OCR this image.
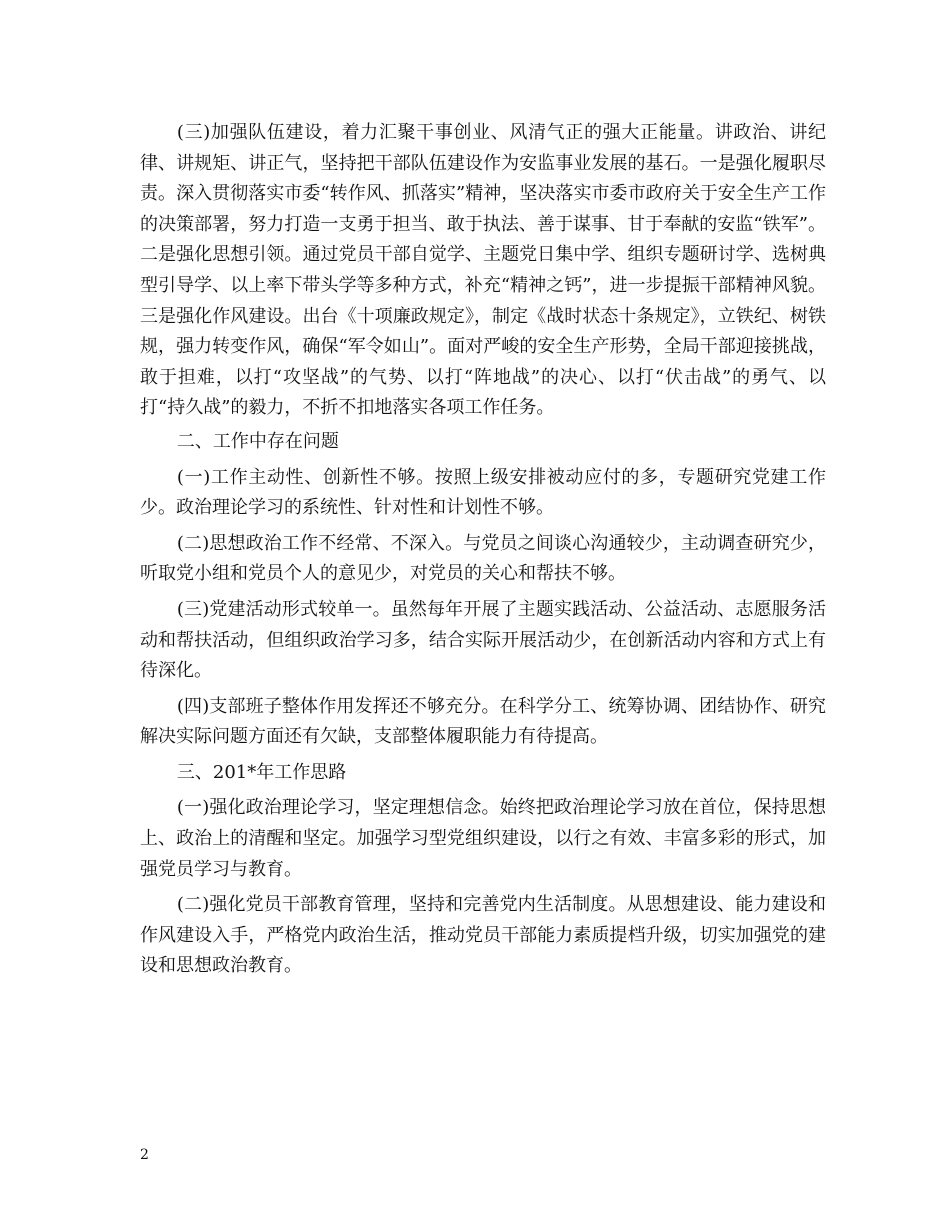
(三)加强队伍建设，着力汇聚干事创业、风清气正的强大正能量。讲政治、讲纪律、讲规矩、讲正气，坚持把干部队伍建设作为安监事业发展的基石。一是强化履职尽责。深入贯彻落实市委“转作风、抓落实”精神，坚决落实市委市政府关于安全生产工作的决策部署，努力打造一支勇于担当、敢于执法、善于谋事、甘于奉献的安监“铁军”。二是强化思想引领。通过党员干部自觉学、主题党日集中学、组织专题研讨学、选树典型引导学、以上率下带头学等多种方式，补充“精神之钙”，进一步提振干部精神风貌。三是强化作风建设。出台《十项廉政规定》，制定《战时状态十条规定》，立铁纪、树铁规，强力转变作风，确保“军令如山”。面对严峻的安全生产形势，全局干部迎接挑战，敢于担难，以打“攻坚战”的气势、以打“阵地战”的决心、以打“伏击战”的勇气、以打“持久战”的毅力，不折不扣地落实各项工作任务。

二、工作中存在问题

(一)工作主动性、创新性不够。按照上级安排被动应付的多，专题研究党建工作少。政治理论学习的系统性、针对性和计划性不够。

(二)思想政治工作不经常、不深入。与党员之间谈心沟通较少，主动调查研究少，听取党小组和党员个人的意见少，对党员的关心和帮扶不够。

(三)党建活动形式较单一。虽然每年开展了主题实践活动、公益活动、志愿服务活动和帮扶活动，但组织政治学习多，结合实际开展活动少，在创新活动内容和方式上有待深化。

(四)支部班子整体作用发挥还不够充分。在科学分工、统筹协调、团结协作、研究解决实际问题方面还有欠缺，支部整体履职能力有待提高。

三、201*年工作思路

(一)强化政治理论学习，坚定理想信念。始终把政治理论学习放在首位，保持思想上、政治上的清醒和坚定。加强学习型党组织建设，以行之有效、丰富多彩的形式，加强党员学习与教育。

(二)强化党员干部教育管理，坚持和完善党内生活制度。从思想建设、能力建设和作风建设入手，严格党内政治生活，推动党员干部能力素质提档升级，切实加强党的建设和思想政治教育。

2
